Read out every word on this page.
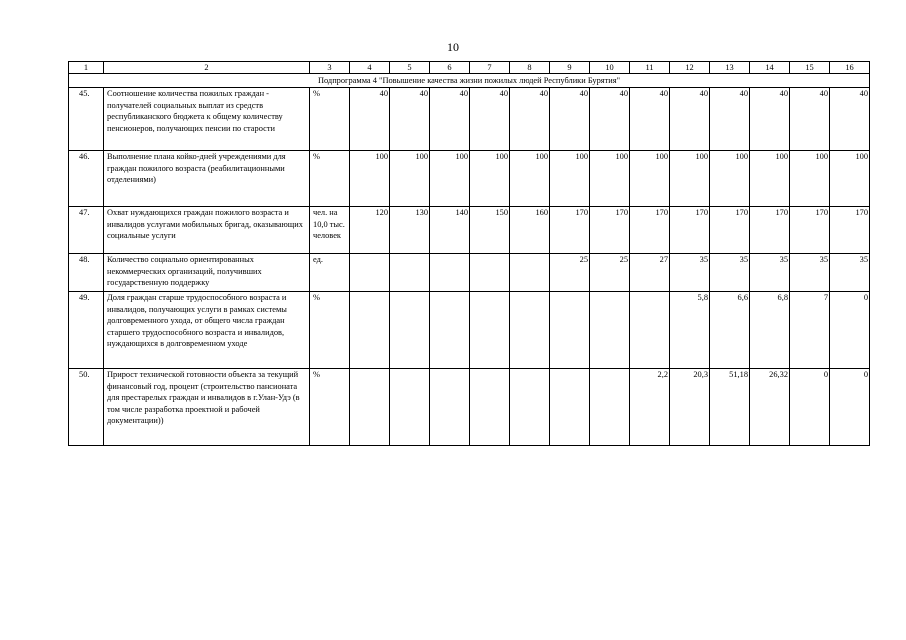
10
1	2	3	4	5	6	7	8	9	10	11	12	13	14	15	16
Подпрограмма 4 "Повышение качества жизни пожилых людей Республики Бурятия"															

45.	Соотношение количества пожилых граждан - получателей социальных выплат из средств республиканского бюджета к общему количеству пенсионеров, получающих пенсии по старости	%	40	40	40	40	40	40	40	40	40	40	40	40	40

46.	Выполнение плана койко-дней учреждениями для граждан пожилого возраста (реабилитационными отделениями)	%	100	100	100	100	100	100	100	100	100	100	100	100	100

47.	Охват нуждающихся граждан пожилого возраста и инвалидов услугами мобильных бригад, оказывающих социальные услуги	чел. на 10,0 тыс. человек	120	130	140	150	160	170	170	170	170	170	170	170	170

48.	Количество социально ориентированных некоммерческих организаций, получивших государственную поддержку	ед.						25	25	27	35	35	35	35	35

49.	Доля граждан старше трудоспособного возраста и инвалидов, получающих услуги в рамках системы долговременного ухода, от общего числа граждан старшего трудоспособного возраста и инвалидов, нуждающихся в долговременном уходе	%									5,8	6,6	6,8	7	0

50.	Прирост технической готовности объекта за текущий финансовый год, процент (строительство пансионата для престарелых граждан и инвалидов в г.Улан-Удэ (в том числе разработка проектной и рабочей документации))	%								2,2	20,3	51,18	26,32	0	0
